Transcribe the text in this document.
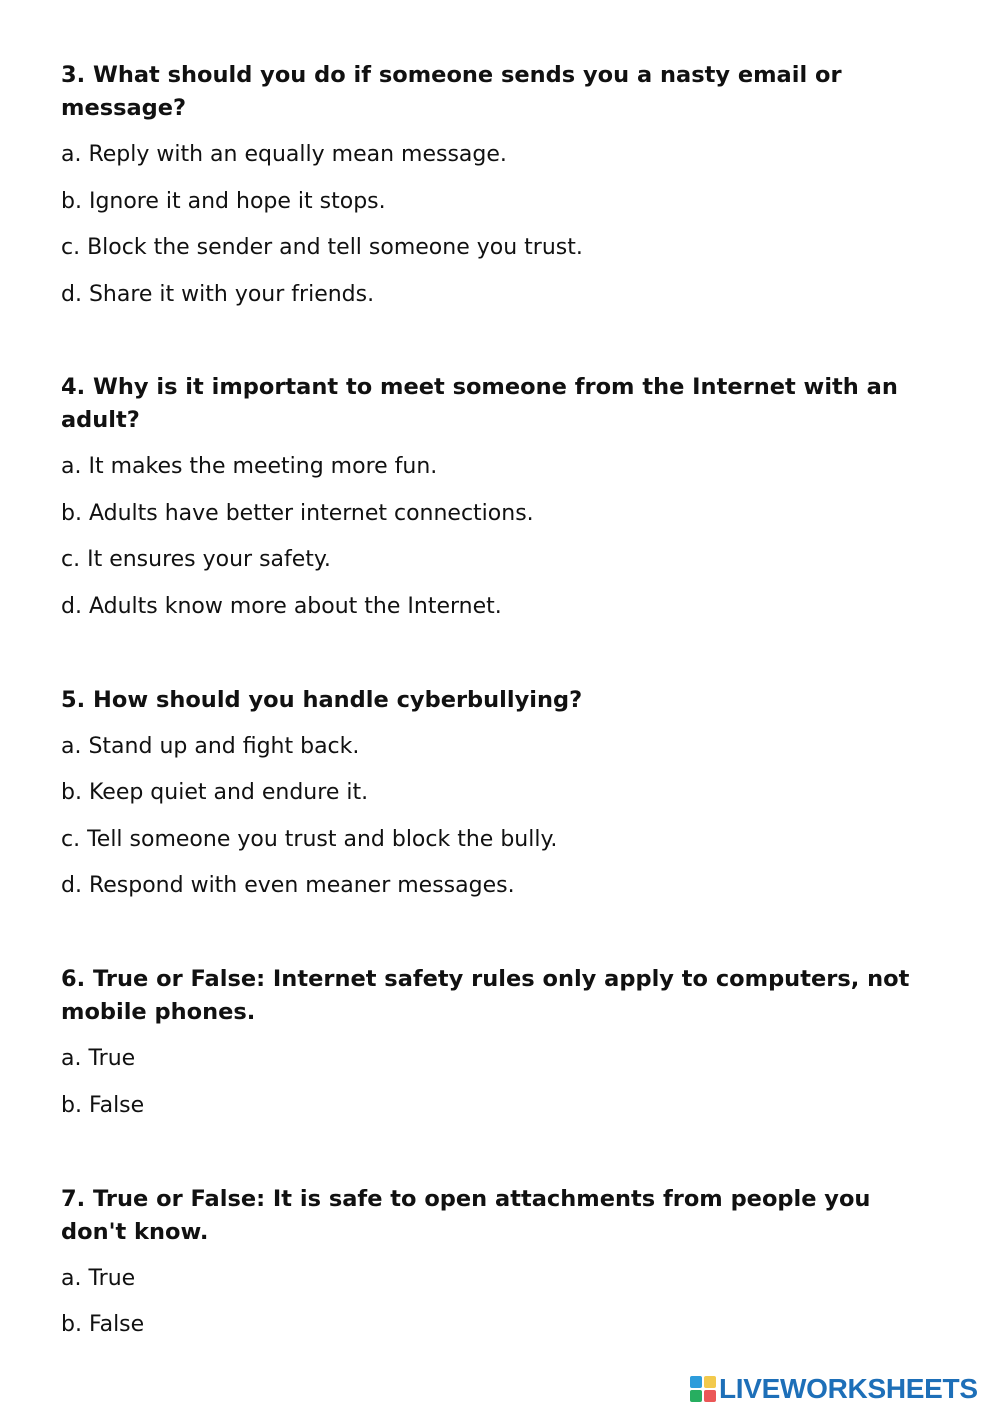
3. What should you do if someone sends you a nasty email or message?

a. Reply with an equally mean message.
b. Ignore it and hope it stops.
c. Block the sender and tell someone you trust.
d. Share it with your friends.

4. Why is it important to meet someone from the Internet with an adult?

a. It makes the meeting more fun.
b. Adults have better internet connections.
c. It ensures your safety.
d. Adults know more about the Internet.

5. How should you handle cyberbullying?

a. Stand up and fight back.
b. Keep quiet and endure it.
c. Tell someone you trust and block the bully.
d. Respond with even meaner messages.

6. True or False: Internet safety rules only apply to computers, not mobile phones.

a. True
b. False

7. True or False: It is safe to open attachments from people you don't know.

a. True
b. False
LIVEWORKSHEETS
